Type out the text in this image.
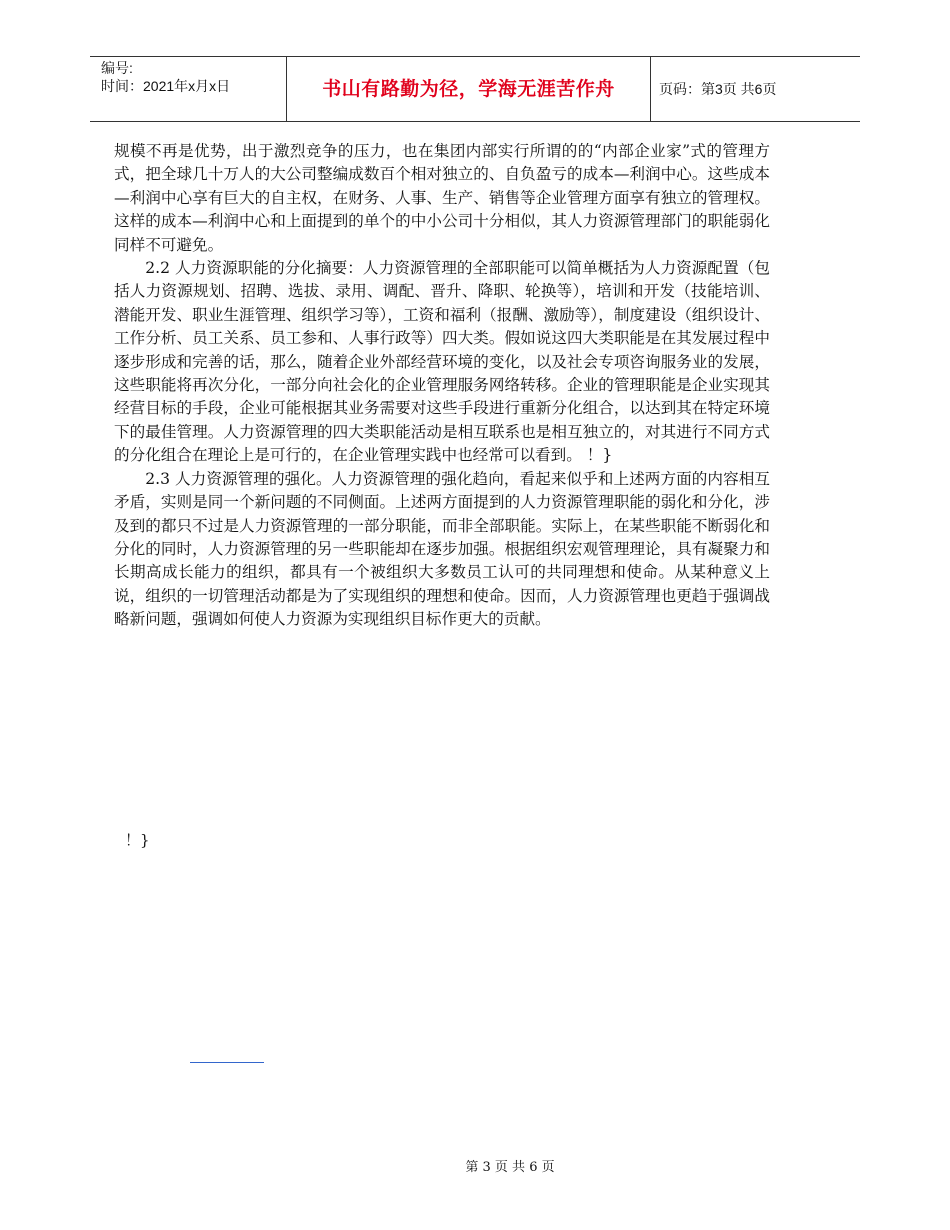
编号:
时间：2021年x月x日	书山有路勤为径，学海无涯苦作舟	页码：第3页 共6页

规模不再是优势，出于激烈竞争的压力，也在集团内部实行所谓的的“内部企业家”式的管理方式，把全球几十万人的大公司整编成数百个相对独立的、自负盈亏的成本—利润中心。这些成本—利润中心享有巨大的自主权，在财务、人事、生产、销售等企业管理方面享有独立的管理权。这样的成本—利润中心和上面提到的单个的中小公司十分相似，其人力资源管理部门的职能弱化同样不可避免。

2.2 人力资源职能的分化摘要：人力资源管理的全部职能可以简单概括为人力资源配置（包括人力资源规划、招聘、选拔、录用、调配、晋升、降职、轮换等），培训和开发（技能培训、潜能开发、职业生涯管理、组织学习等），工资和福利（报酬、激励等），制度建设（组织设计、工作分析、员工关系、员工参和、人事行政等）四大类。假如说这四大类职能是在其发展过程中逐步形成和完善的话，那么，随着企业外部经营环境的变化，以及社会专项咨询服务业的发展，这些职能将再次分化，一部分向社会化的企业管理服务网络转移。企业的管理职能是企业实现其经营目标的手段，企业可能根据其业务需要对这些手段进行重新分化组合，以达到其在特定环境下的最佳管理。人力资源管理的四大类职能活动是相互联系也是相互独立的，对其进行不同方式的分化组合在理论上是可行的，在企业管理实践中也经常可以看到。 ！}

2.3 人力资源管理的强化。人力资源管理的强化趋向，看起来似乎和上述两方面的内容相互矛盾，实则是同一个新问题的不同侧面。上述两方面提到的人力资源管理职能的弱化和分化，涉及到的都只不过是人力资源管理的一部分职能，而非全部职能。实际上，在某些职能不断弱化和分化的同时，人力资源管理的另一些职能却在逐步加强。根据组织宏观管理理论，具有凝聚力和长期高成长能力的组织，都具有一个被组织大多数员工认可的共同理想和使命。从某种意义上说，组织的一切管理活动都是为了实现组织的理想和使命。因而，人力资源管理也更趋于强调战略新问题，强调如何使人力资源为实现组织目标作更大的贡献。

！}
第 3 页 共 6 页
